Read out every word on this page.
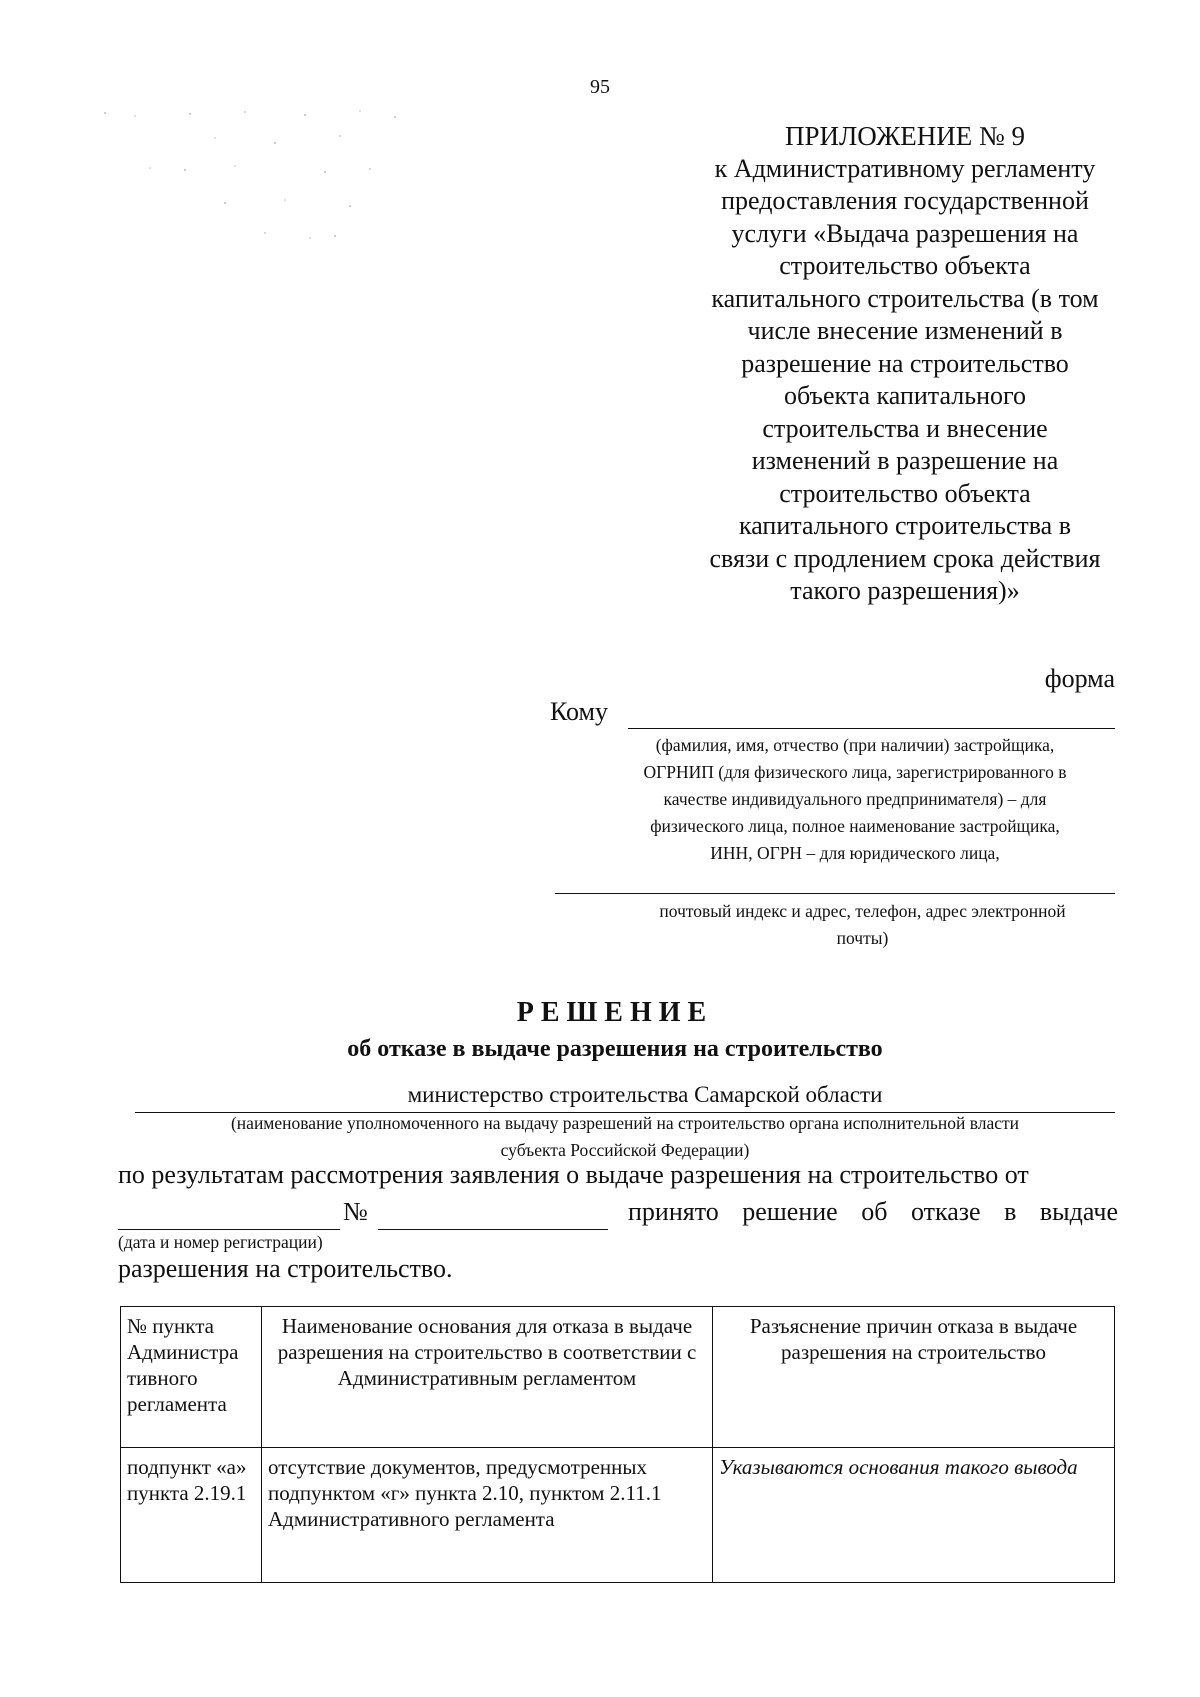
95
ПРИЛОЖЕНИЕ № 9
к Административному регламенту
предоставления государственной
услуги «Выдача разрешения на
строительство объекта
капитального строительства (в том
числе внесение изменений в
разрешение на строительство
объекта капитального
строительства и внесение
изменений в разрешение на
строительство объекта
капитального строительства в
связи с продлением срока действия
такого разрешения)»
форма
Кому
(фамилия, имя, отчество (при наличии) застройщика,
ОГРНИП (для физического лица, зарегистрированного в
качестве индивидуального предпринимателя) – для
физического лица, полное наименование застройщика,
ИНН, ОГРН – для юридического лица,
почтовый индекс и адрес, телефон, адрес электронной
почты)
РЕШЕНИЕ
об отказе в выдаче разрешения на строительство
министерство строительства Самарской области
(наименование уполномоченного на выдачу разрешений на строительство органа исполнительной власти
субъекта Российской Федерации)
по результатам рассмотрения заявления о выдаче разрешения на строительство от
№	принято решение об отказе в выдаче
(дата и номер регистрации)
разрешения на строительство.
№ пункта Администра тивного регламента	Наименование основания для отказа в выдаче разрешения на строительство в соответствии с Административным регламентом	Разъяснение причин отказа в выдаче разрешения на строительство
подпункт «а» пункта 2.19.1	отсутствие документов, предусмотренных подпунктом «г» пункта 2.10, пунктом 2.11.1 Административного регламента	Указываются основания такого вывода
